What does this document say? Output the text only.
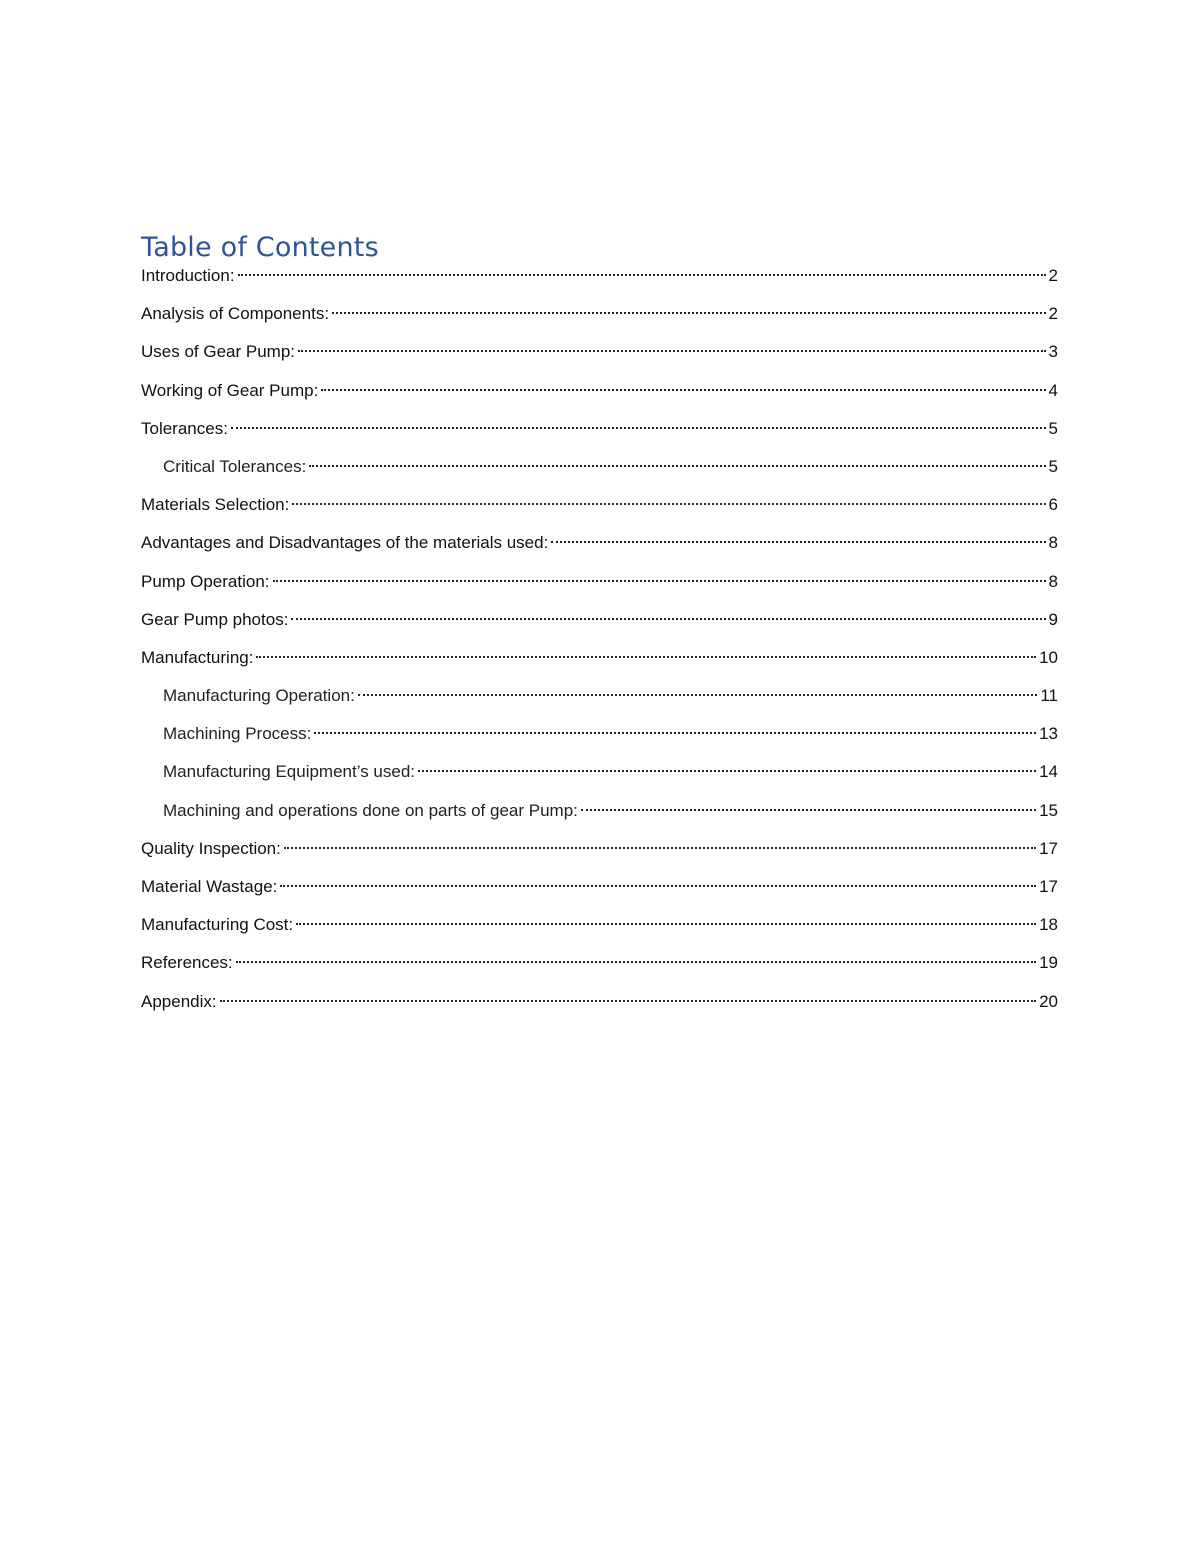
Table of Contents
Introduction:	2
Analysis of Components:	2
Uses of Gear Pump:	3
Working of Gear Pump:	4
Tolerances:	5
Critical Tolerances:	5
Materials Selection:	6
Advantages and Disadvantages of the materials used:	8
Pump Operation:	8
Gear Pump photos:	9
Manufacturing:	10
Manufacturing Operation:	11
Machining Process:	13
Manufacturing Equipment’s used:	14
Machining and operations done on parts of gear Pump:	15
Quality Inspection:	17
Material Wastage:	17
Manufacturing Cost:	18
References:	19
Appendix:	20
